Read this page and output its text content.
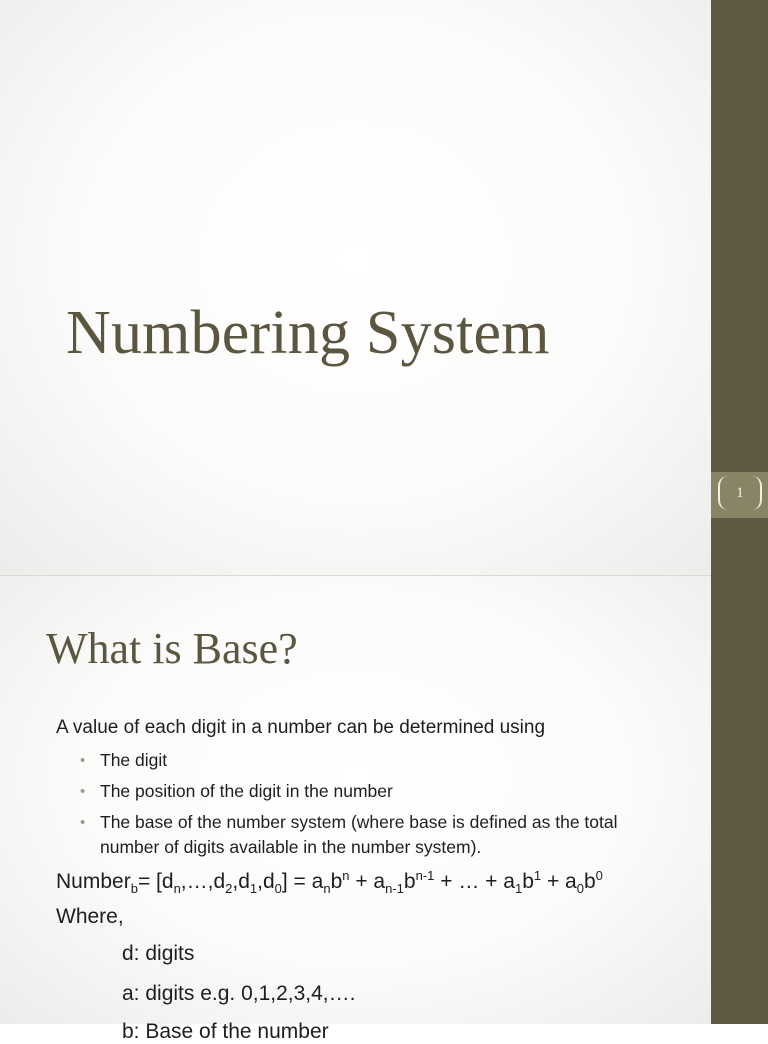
Numbering System
What is Base?

A value of each digit in a number can be determined using

• The digit
• The position of the digit in the number
• The base of the number system (where base is defined as the total number of digits available in the number system).

Number$_b$= $[d_n,\dots,d_2,d_1,d_0] = a_nb^n + a_{n-1}b^{n-1}$ + … + $a_1b^1 + a_0b^0$

Where,

d: digits

a: digits e.g. 0,1,2,3,4,….

b: Base of the number

1
